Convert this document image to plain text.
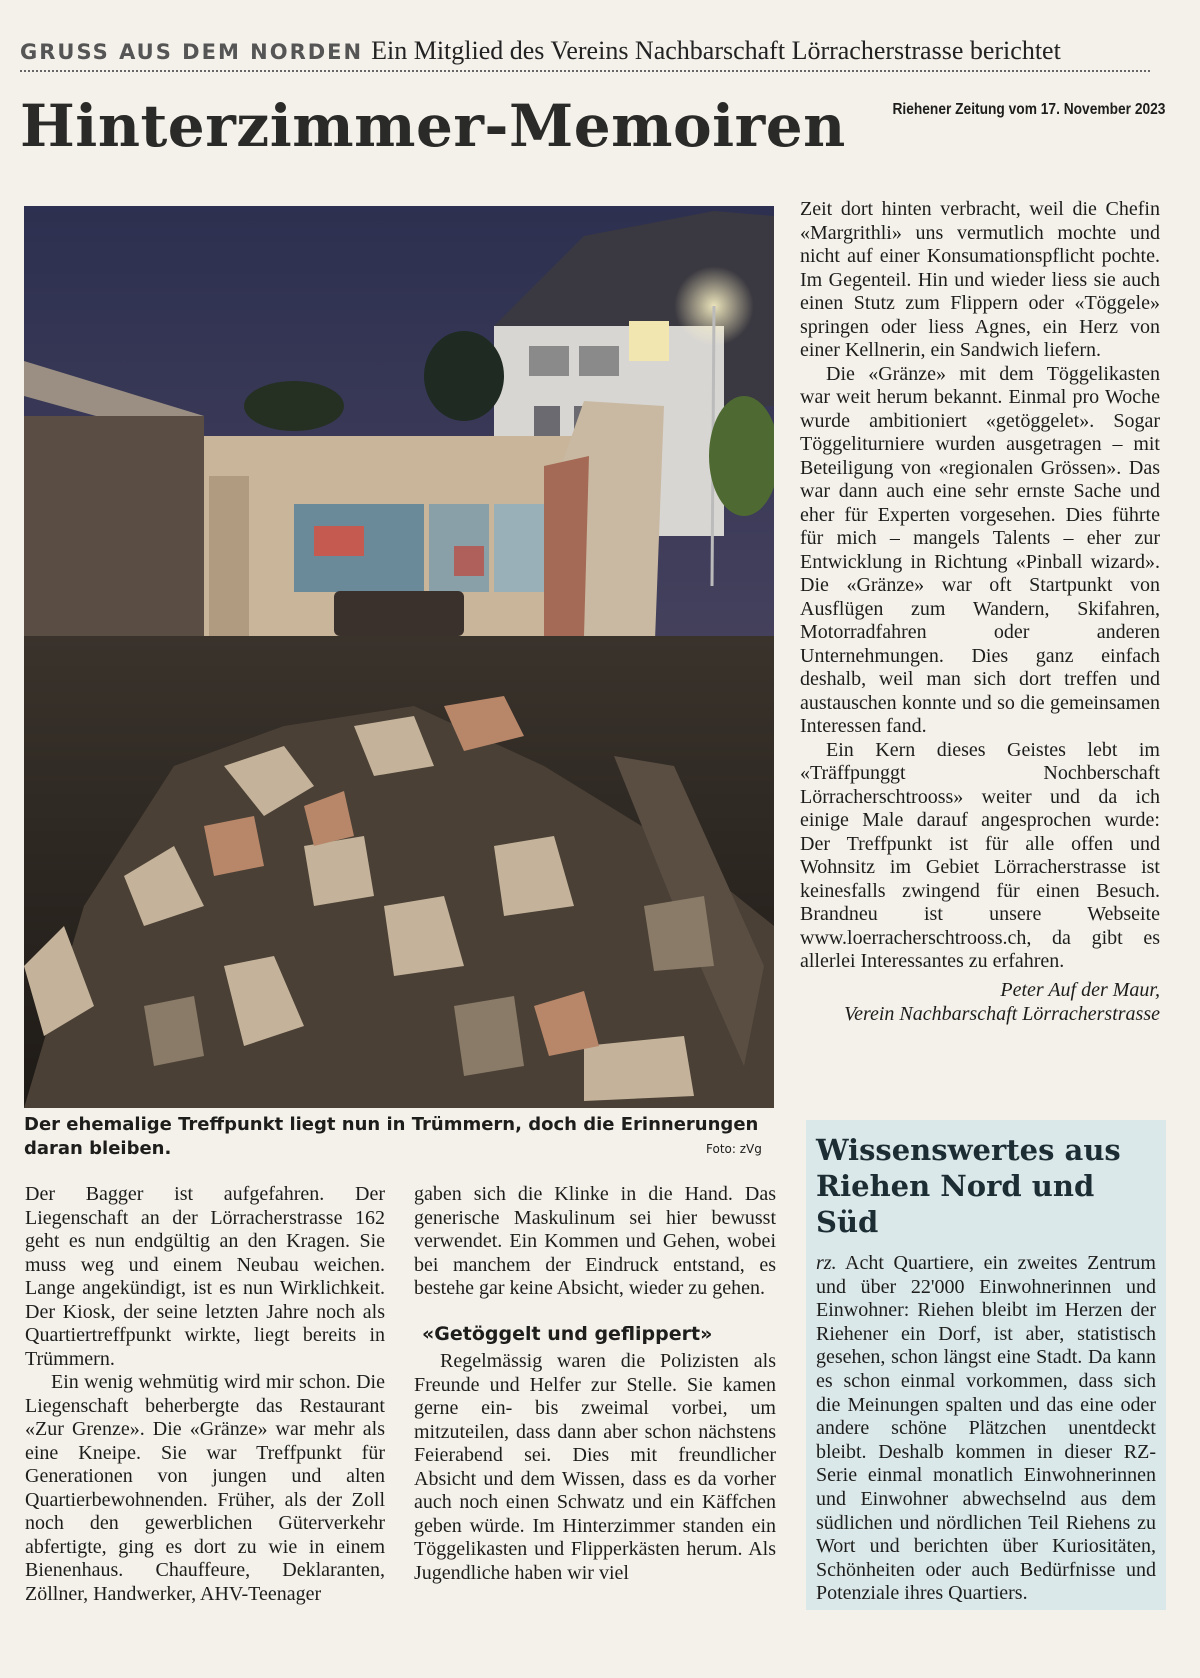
GRUSS AUS DEM NORDEN Ein Mitglied des Vereins Nachbarschaft Lörracherstrasse berichtet
Hinterzimmer-Memoiren	Riehener Zeitung vom 17. November 2023
Der ehemalige Treffpunkt liegt nun in Trümmern, doch die Erinnerungen daran bleiben.	Foto: zVg

Der Bagger ist aufgefahren. Der Liegenschaft an der Lörracherstrasse 162 geht es nun endgültig an den Kragen. Sie muss weg und einem Neubau weichen. Lange angekündigt, ist es nun Wirklichkeit. Der Kiosk, der seine letzten Jahre noch als Quartiertreffpunkt wirkte, liegt bereits in Trümmern.

Ein wenig wehmütig wird mir schon. Die Liegenschaft beherbergte das Restaurant «Zur Grenze». Die «Gränze» war mehr als eine Kneipe. Sie war Treffpunkt für Generationen von jungen und alten Quartierbewohnenden. Früher, als der Zoll noch den gewerblichen Güterverkehr abfertigte, ging es dort zu wie in einem Bienenhaus. Chauffeure, Deklaranten, Zöllner, Handwerker, AHV-Teenager

gaben sich die Klinke in die Hand. Das generische Maskulinum sei hier bewusst verwendet. Ein Kommen und Gehen, wobei bei manchem der Eindruck entstand, es bestehe gar keine Absicht, wieder zu gehen.

«Getöggelt und geflippert»

Regelmässig waren die Polizisten als Freunde und Helfer zur Stelle. Sie kamen gerne ein- bis zweimal vorbei, um mitzuteilen, dass dann aber schon nächstens Feierabend sei. Dies mit freundlicher Absicht und dem Wissen, dass es da vorher auch noch einen Schwatz und ein Käffchen geben würde. Im Hinterzimmer standen ein Töggelikasten und Flipperkästen herum. Als Jugendliche haben wir viel

Zeit dort hinten verbracht, weil die Chefin «Margrithli» uns vermutlich mochte und nicht auf einer Konsumationspflicht pochte. Im Gegenteil. Hin und wieder liess sie auch einen Stutz zum Flippern oder «Töggele» springen oder liess Agnes, ein Herz von einer Kellnerin, ein Sandwich liefern.

Die «Gränze» mit dem Töggelikasten war weit herum bekannt. Einmal pro Woche wurde ambitioniert «getöggelet». Sogar Töggeliturniere wurden ausgetragen – mit Beteiligung von «regionalen Grössen». Das war dann auch eine sehr ernste Sache und eher für Experten vorgesehen. Dies führte für mich – mangels Talents – eher zur Entwicklung in Richtung «Pinball wizard». Die «Gränze» war oft Startpunkt von Ausflügen zum Wandern, Skifahren, Motorradfahren oder anderen Unternehmungen. Dies ganz einfach deshalb, weil man sich dort treffen und austauschen konnte und so die gemeinsamen Interessen fand.

Ein Kern dieses Geistes lebt im «Träffpunggt Nochberschaft Lörracherschtrooss» weiter und da ich einige Male darauf angesprochen wurde: Der Treffpunkt ist für alle offen und Wohnsitz im Gebiet Lörracherstrasse ist keinesfalls zwingend für einen Besuch. Brandneu ist unsere Webseite www.loerracherschtrooss.ch, da gibt es allerlei Interessantes zu erfahren.

Peter Auf der Maur,
Verein Nachbarschaft Lörracherstrasse
Wissenswertes aus Riehen Nord und Süd
rz. Acht Quartiere, ein zweites Zentrum und über 22'000 Einwohnerinnen und Einwohner: Riehen bleibt im Herzen der Riehener ein Dorf, ist aber, statistisch gesehen, schon längst eine Stadt. Da kann es schon einmal vorkommen, dass sich die Meinungen spalten und das eine oder andere schöne Plätzchen unentdeckt bleibt. Deshalb kommen in dieser RZ-Serie einmal monatlich Einwohnerinnen und Einwohner abwechselnd aus dem südlichen und nördlichen Teil Riehens zu Wort und berichten über Kuriositäten, Schönheiten oder auch Bedürfnisse und Potenziale ihres Quartiers.
